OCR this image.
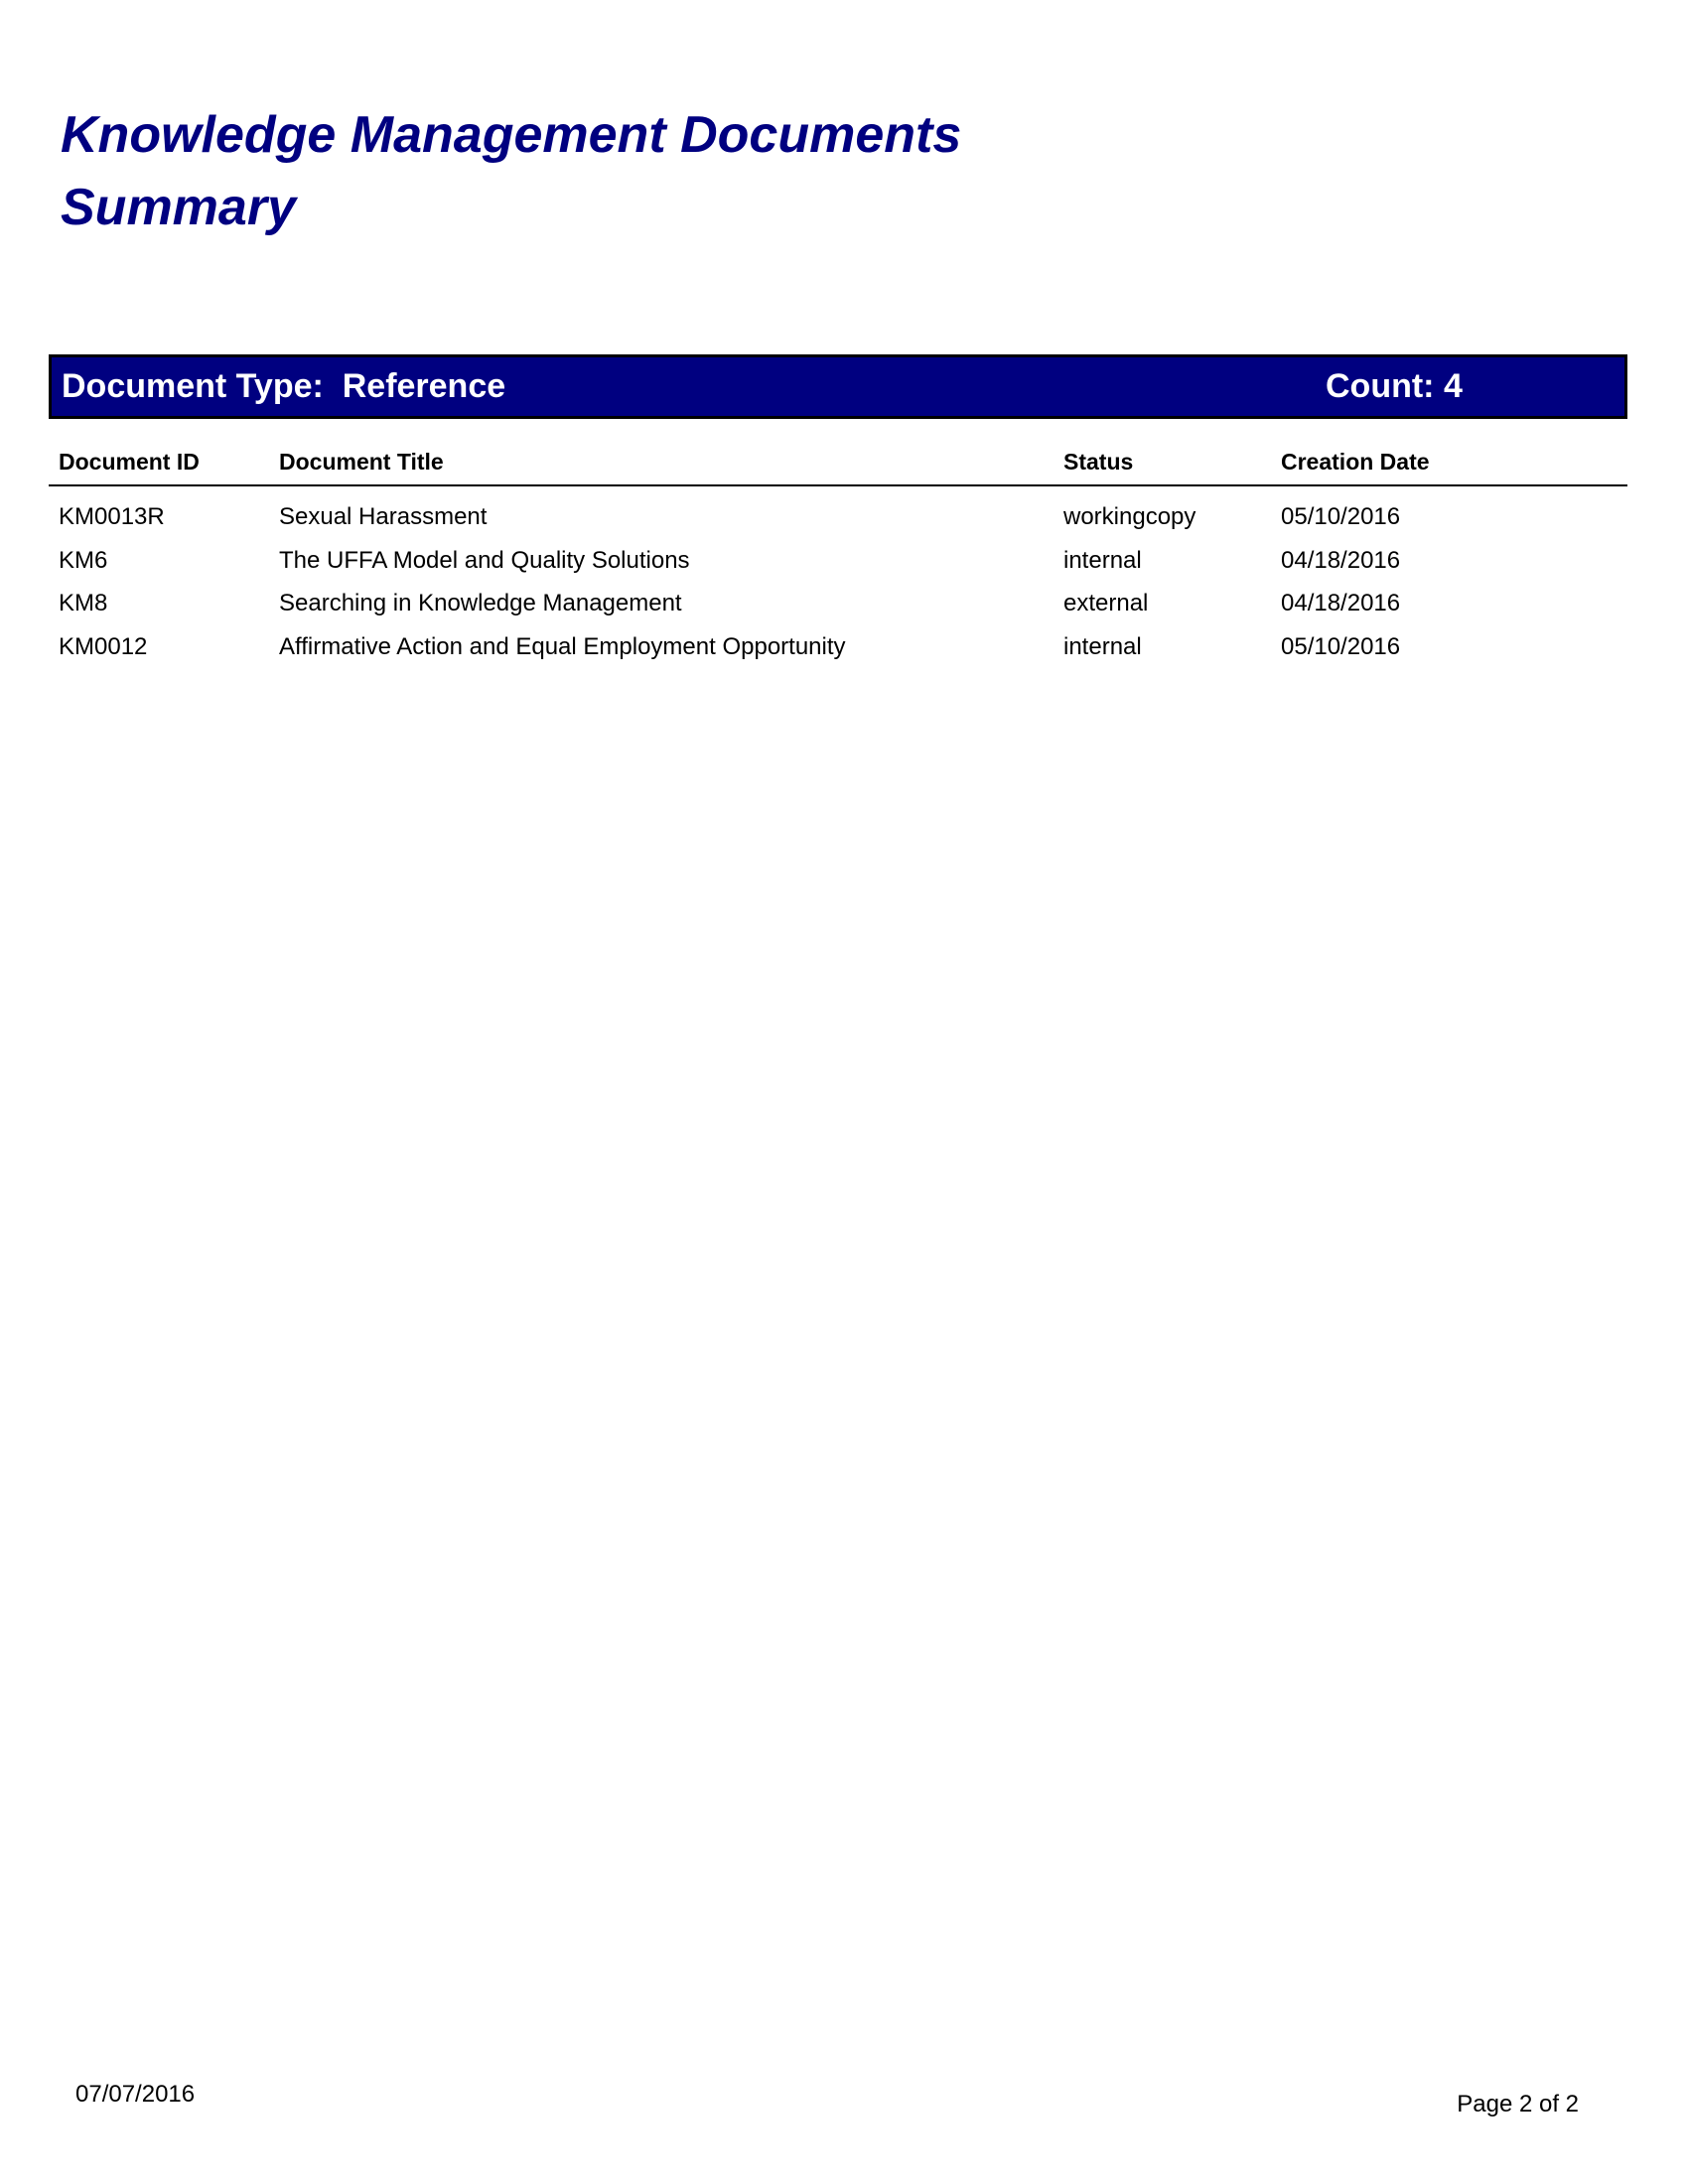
Knowledge Management Documents
Summary
Document Type:  Reference	Count: 4
Document ID	Document Title	Status	Creation Date
KM0013R	Sexual Harassment	workingcopy	05/10/2016
KM6	The UFFA Model and Quality Solutions	internal	04/18/2016
KM8	Searching in Knowledge Management	external	04/18/2016
KM0012	Affirmative Action and Equal Employment Opportunity	internal	05/10/2016
07/07/2016	Page 2 of 2
